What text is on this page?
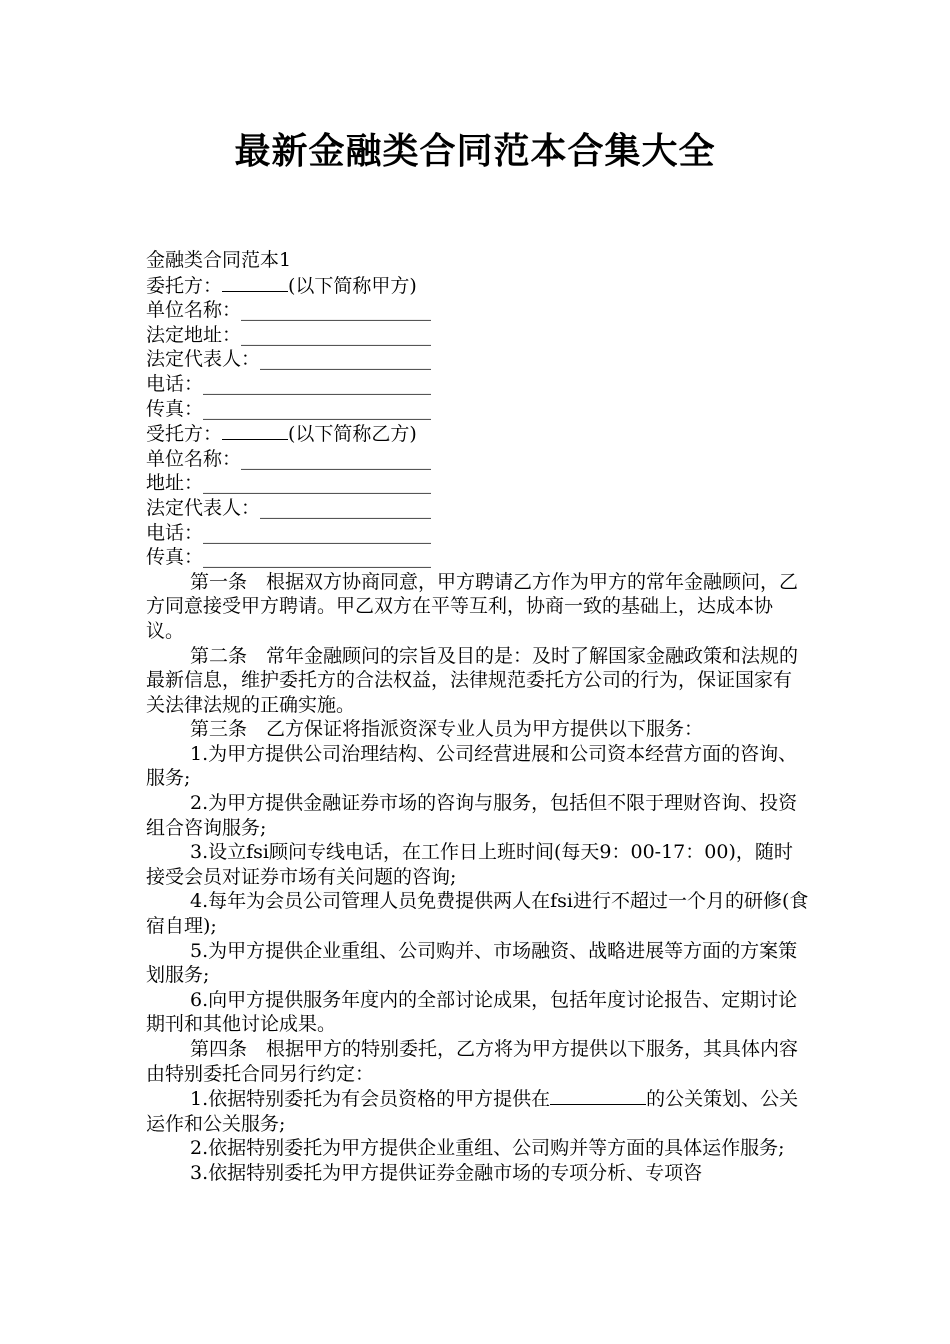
最新金融类合同范本合集大全

金融类合同范本1

委托方：	(以下简称甲方)

单位名称：____________________

法定地址：____________________

法定代表人：__________________

电话：________________________

传真：________________________

受托方：	(以下简称乙方)

单位名称：____________________

地址：________________________

法定代表人：__________________

电话：________________________

传真：________________________

第一条　根据双方协商同意，甲方聘请乙方作为甲方的常年金融顾问，乙方同意接受甲方聘请。甲乙双方在平等互利，协商一致的基础上，达成本协议。

第二条　常年金融顾问的宗旨及目的是：及时了解国家金融政策和法规的最新信息，维护委托方的合法权益，法律规范委托方公司的行为，保证国家有关法律法规的正确实施。

第三条　乙方保证将指派资深专业人员为甲方提供以下服务：

1.为甲方提供公司治理结构、公司经营进展和公司资本经营方面的咨询、服务;

2.为甲方提供金融证券市场的咨询与服务，包括但不限于理财咨询、投资组合咨询服务;

3.设立fsi顾问专线电话，在工作日上班时间(每天9：00-17：00)，随时接受会员对证券市场有关问题的咨询;

4.每年为会员公司管理人员免费提供两人在fsi进行不超过一个月的研修(食宿自理);

5.为甲方提供企业重组、公司购并、市场融资、战略进展等方面的方案策划服务;

6.向甲方提供服务年度内的全部讨论成果，包括年度讨论报告、定期讨论期刊和其他讨论成果。

第四条　根据甲方的特别委托，乙方将为甲方提供以下服务，其具体内容由特别委托合同另行约定：

1.依据特别委托为有会员资格的甲方提供在	的公关策划、公关运作和公关服务;

2.依据特别委托为甲方提供企业重组、公司购并等方面的具体运作服务;

3.依据特别委托为甲方提供证券金融市场的专项分析、专项咨
